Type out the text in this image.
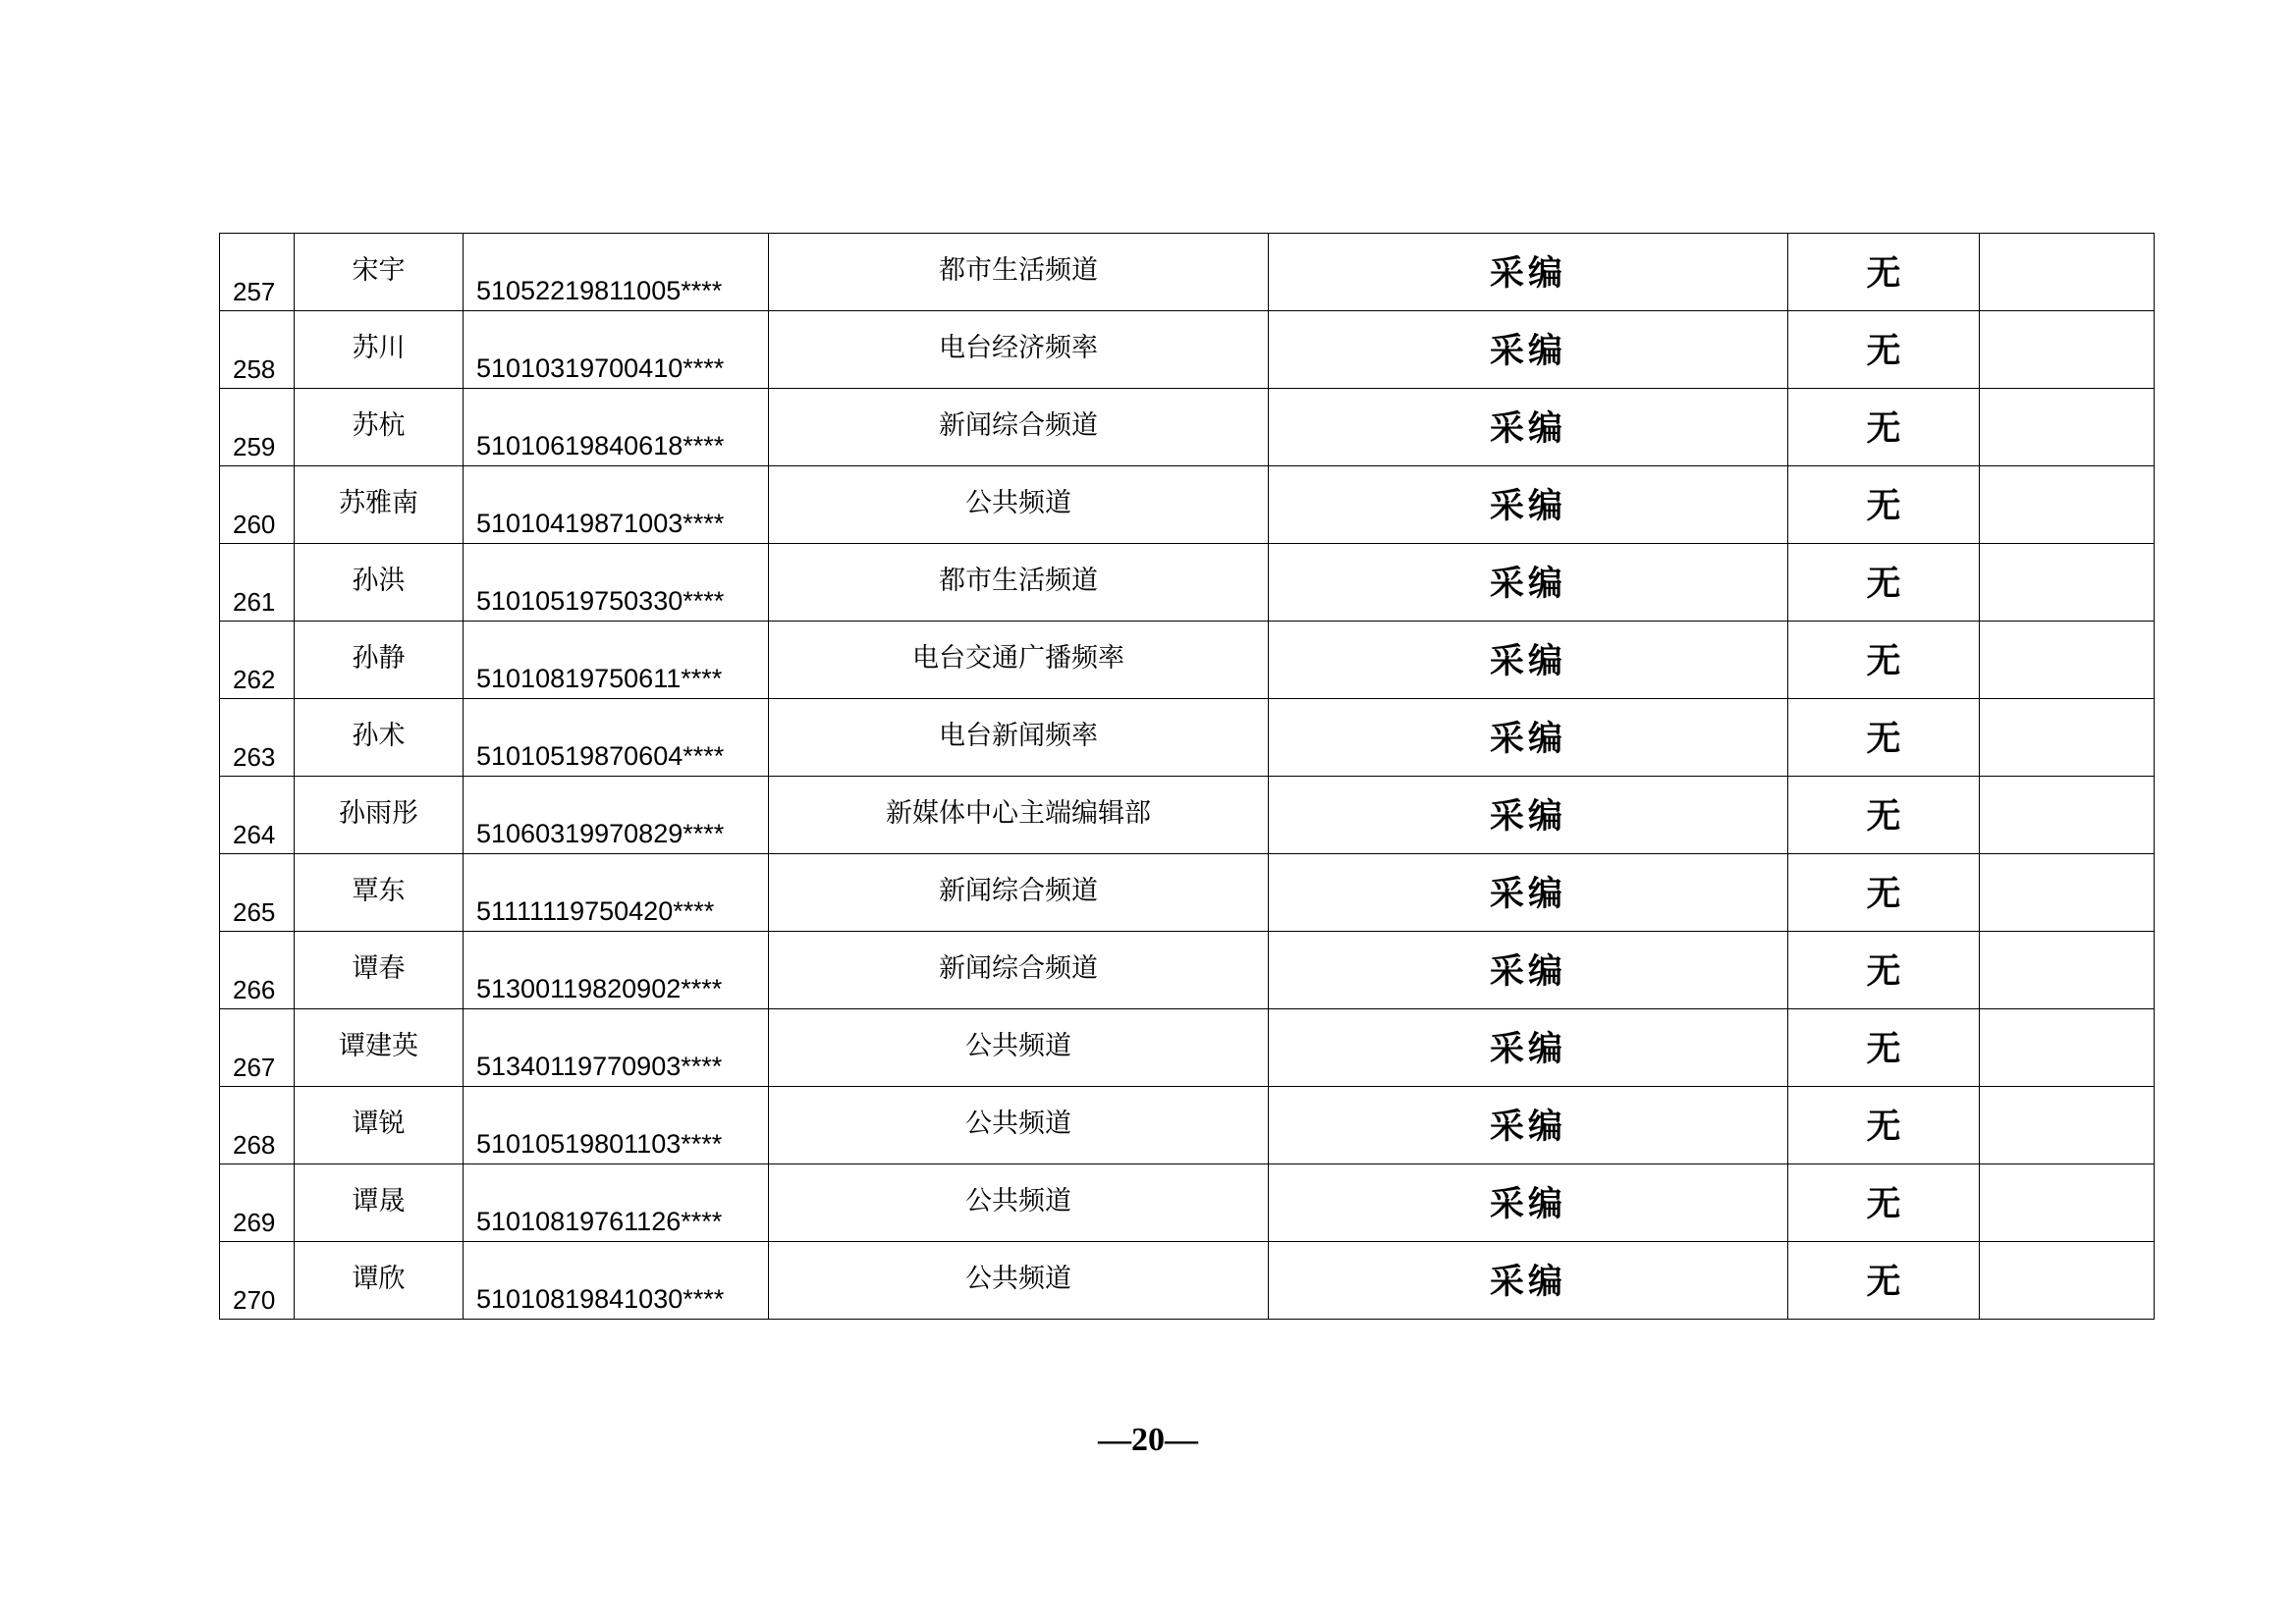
257	宋宇	51052219811005****	都市生活频道	采编	无	

258	苏川	51010319700410****	电台经济频率	采编	无	

259	苏杭	51010619840618****	新闻综合频道	采编	无	

260	苏雅南	51010419871003****	公共频道	采编	无	

261	孙洪	51010519750330****	都市生活频道	采编	无	

262	孙静	51010819750611****	电台交通广播频率	采编	无	

263	孙术	51010519870604****	电台新闻频率	采编	无	

264	孙雨彤	51060319970829****	新媒体中心主端编辑部	采编	无	

265	覃东	51111119750420****	新闻综合频道	采编	无	

266	谭春	51300119820902****	新闻综合频道	采编	无	

267	谭建英	51340119770903****	公共频道	采编	无	

268	谭锐	51010519801103****	公共频道	采编	无	

269	谭晟	51010819761126****	公共频道	采编	无	

270	谭欣	51010819841030****	公共频道	采编	无	

—20—
